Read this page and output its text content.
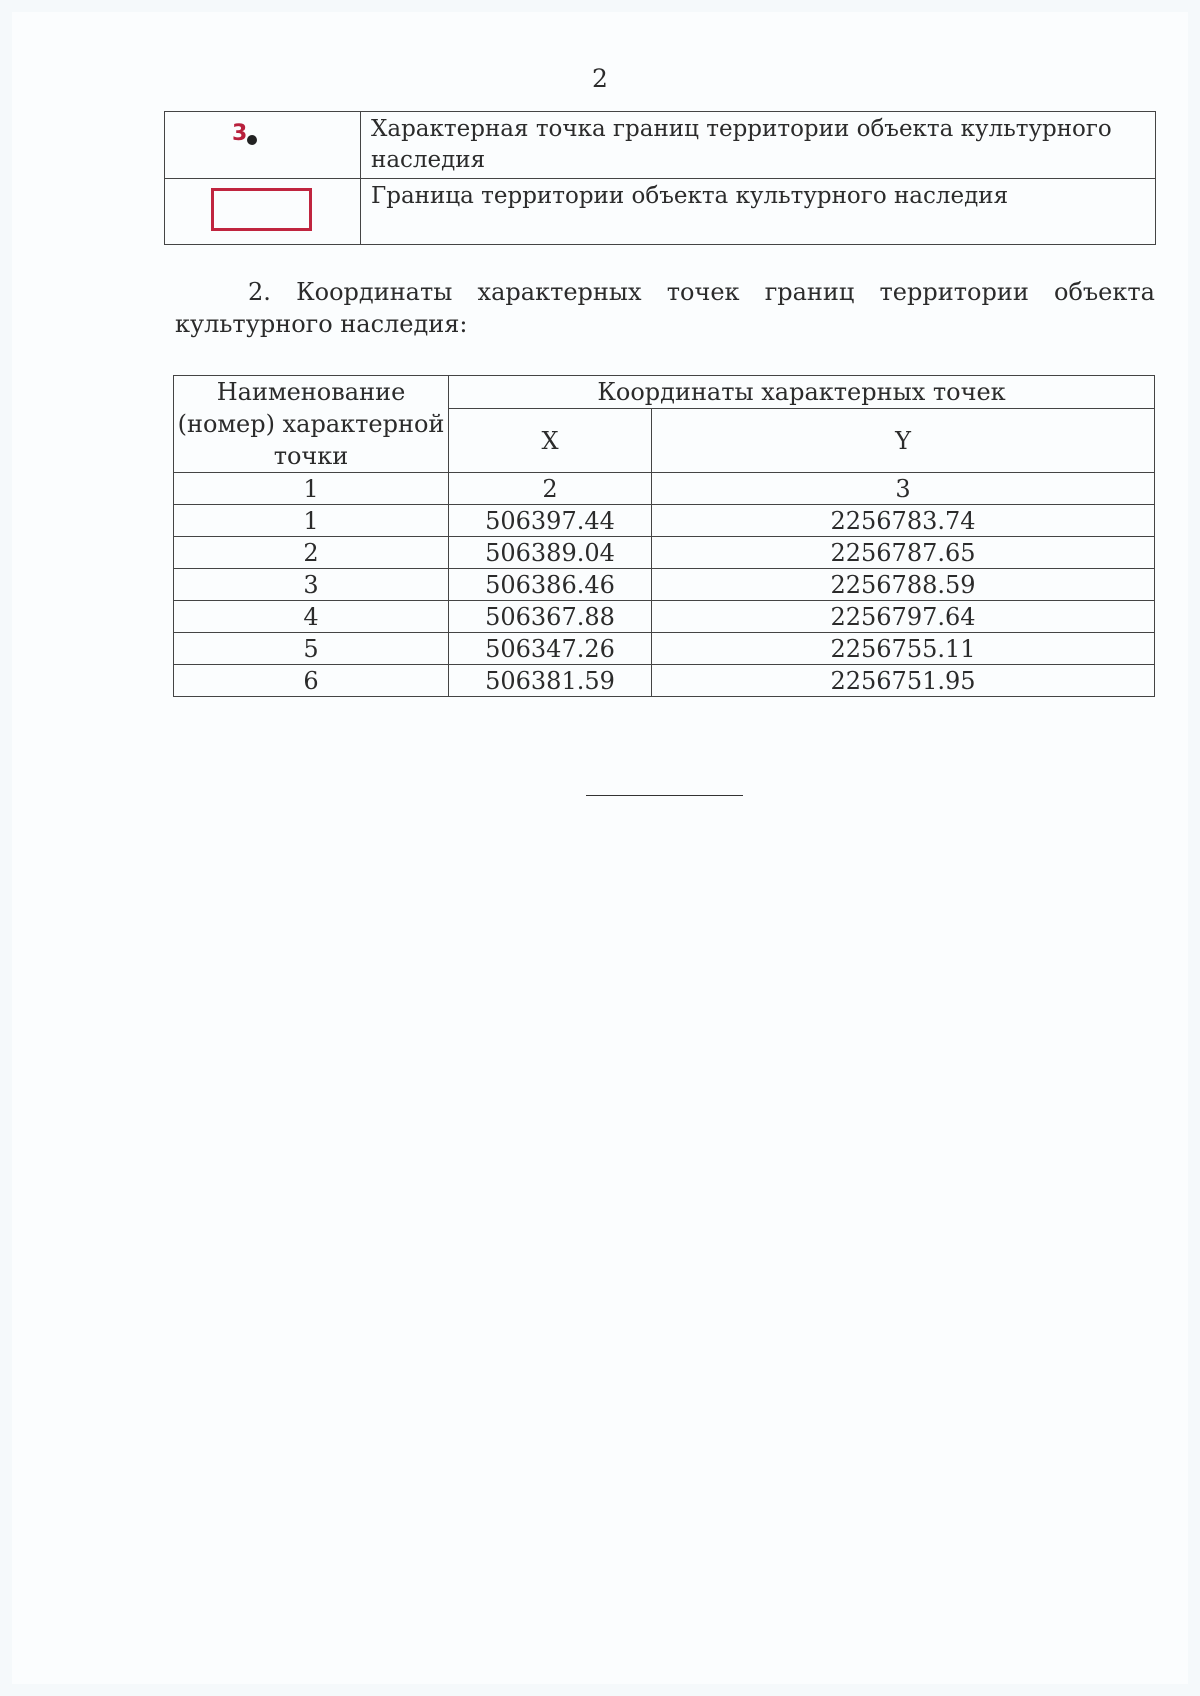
2
3	Характерная точка границ территории объекта культурного наследия

	Граница территории объекта культурного наследия
2. Координаты характерных точек границ территории объекта
культурного наследия:
Наименование (номер) характерной точки	Координаты характерных точек	
	X	Y
1	2	3
1	506397.44	2256783.74
2	506389.04	2256787.65
3	506386.46	2256788.59
4	506367.88	2256797.64
5	506347.26	2256755.11
6	506381.59	2256751.95
